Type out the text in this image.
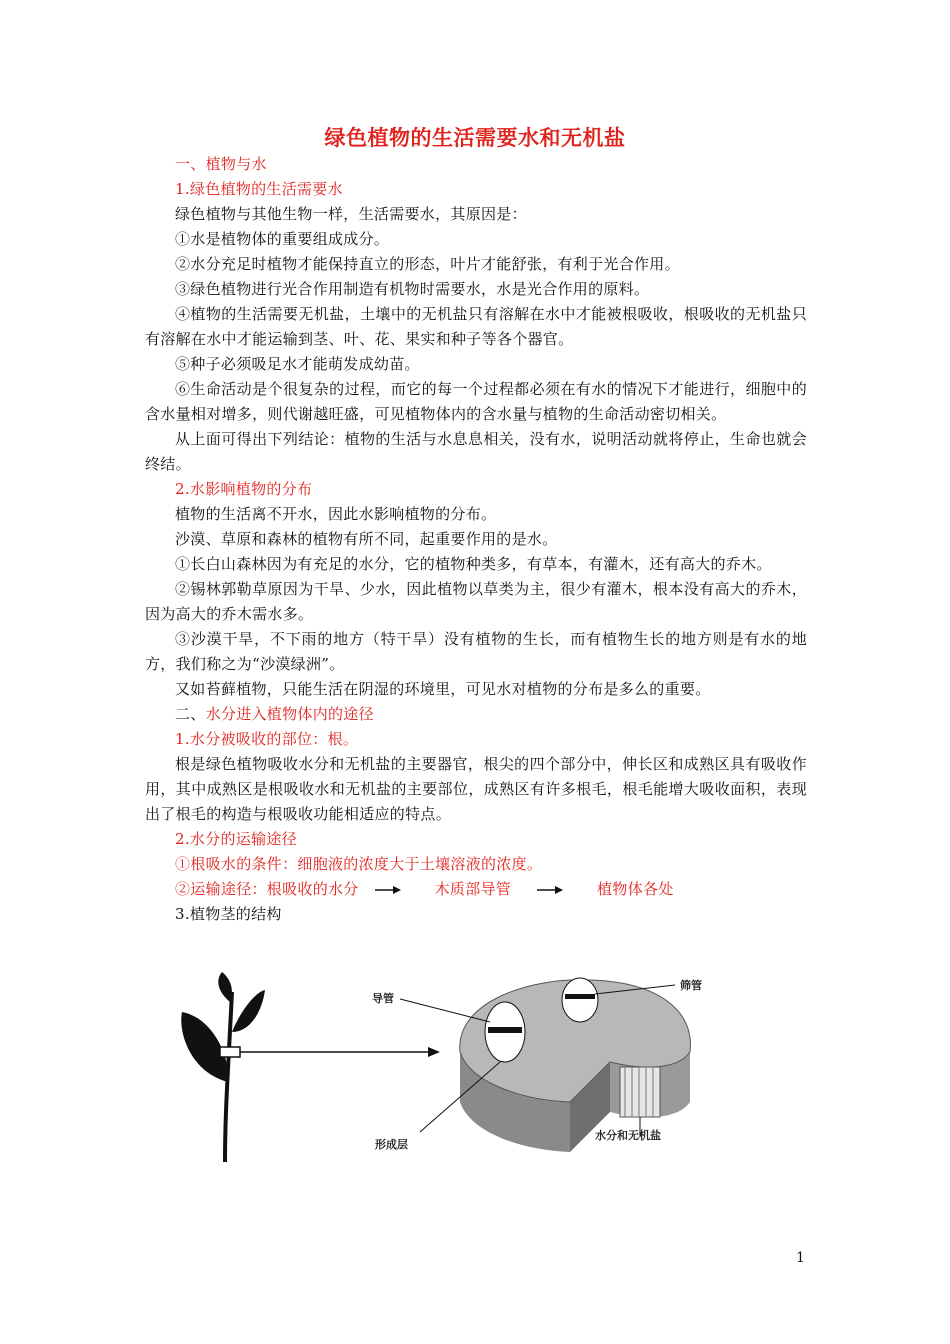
绿色植物的生活需要水和无机盐

一、植物与水

1.绿色植物的生活需要水

绿色植物与其他生物一样，生活需要水，其原因是：

①水是植物体的重要组成成分。

②水分充足时植物才能保持直立的形态，叶片才能舒张，有利于光合作用。

③绿色植物进行光合作用制造有机物时需要水，水是光合作用的原料。

④植物的生活需要无机盐，土壤中的无机盐只有溶解在水中才能被根吸收，根吸收的无机盐只有溶解在水中才能运输到茎、叶、花、果实和种子等各个器官。

⑤种子必须吸足水才能萌发成幼苗。

⑥生命活动是个很复杂的过程，而它的每一个过程都必须在有水的情况下才能进行，细胞中的含水量相对增多，则代谢越旺盛，可见植物体内的含水量与植物的生命活动密切相关。

从上面可得出下列结论：植物的生活与水息息相关，没有水，说明活动就将停止，生命也就会终结。

2.水影响植物的分布

植物的生活离不开水，因此水影响植物的分布。

沙漠、草原和森林的植物有所不同，起重要作用的是水。

①长白山森林因为有充足的水分，它的植物种类多，有草本，有灌木，还有高大的乔木。

②锡林郭勒草原因为干旱、少水，因此植物以草类为主，很少有灌木，根本没有高大的乔木，因为高大的乔木需水多。

③沙漠干旱，不下雨的地方（特干旱）没有植物的生长，而有植物生长的地方则是有水的地方，我们称之为“沙漠绿洲”。

又如苔藓植物，只能生活在阴湿的环境里，可见水对植物的分布是多么的重要。

二、水分进入植物体内的途径

1.水分被吸收的部位：根。

根是绿色植物吸收水分和无机盐的主要器官，根尖的四个部分中，伸长区和成熟区具有吸收作用，其中成熟区是根吸收水和无机盐的主要部位，成熟区有许多根毛，根毛能增大吸收面积，表现出了根毛的构造与根吸收功能相适应的特点。

2.水分的运输途径

①根吸水的条件：细胞液的浓度大于土壤溶液的浓度。

②运输途径：根吸收的水分	木质部导管	植物体各处

3.植物茎的结构

导管
筛管
形成层
水分和无机盐
1
